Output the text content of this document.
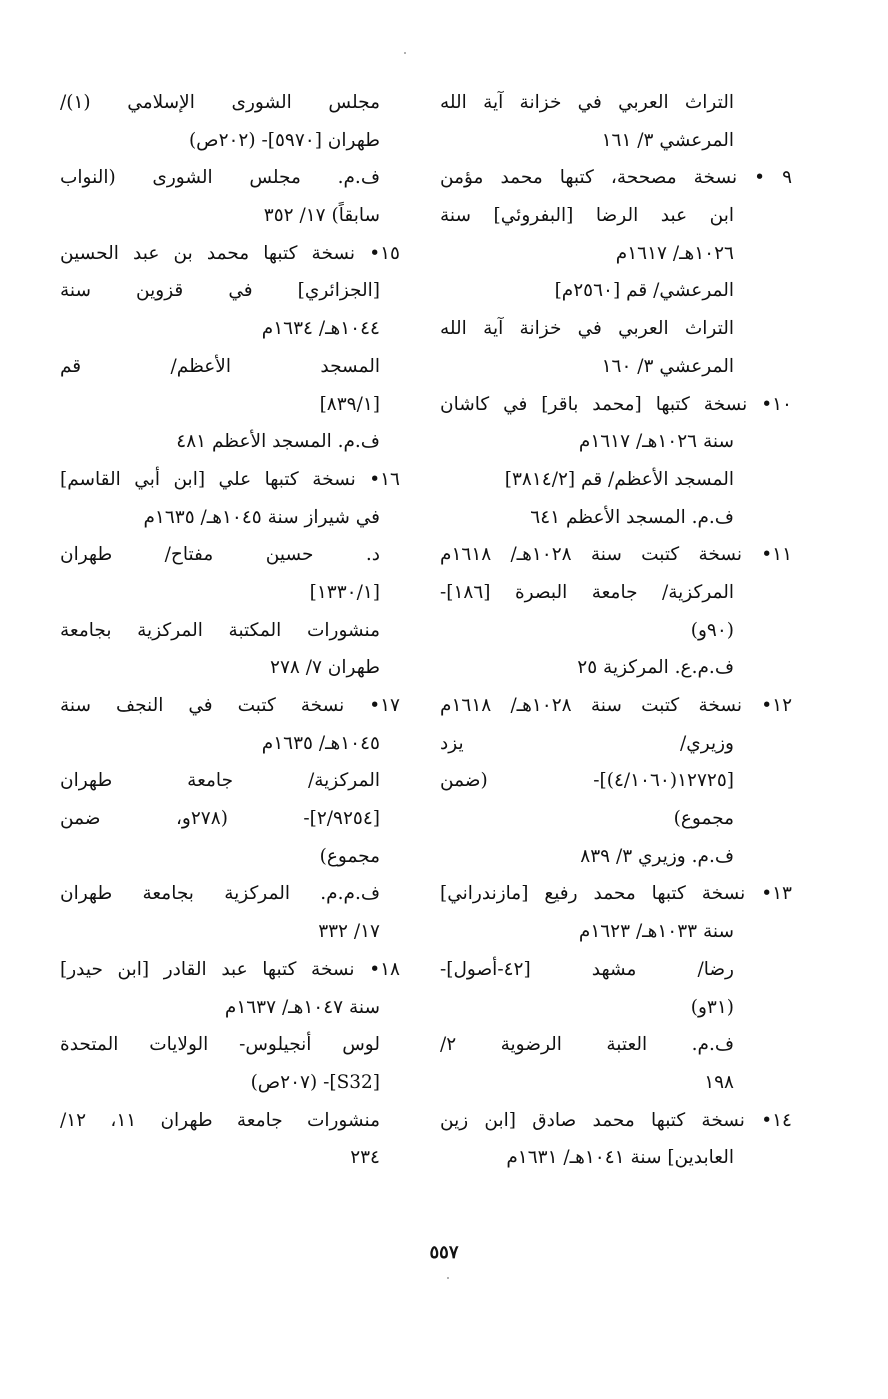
التراث العربي في خزانة آية الله
المرعشي ٣/ ١٦١
٩ • نسخة مصححة، كتبها محمد مؤمن
ابن عبد الرضا [البفروئي] سنة
١٠٢٦هـ/ ١٦١٧م
المرعشي/ قم [٢٥٦٠م]
التراث العربي في خزانة آية الله
المرعشي ٣/ ١٦٠
١٠• نسخة كتبها [محمد باقر] في كاشان
سنة ١٠٢٦هـ/ ١٦١٧م
المسجد الأعظم/ قم [٣٨١٤/٢]
ف.م. المسجد الأعظم ٦٤١
١١• نسخة كتبت سنة ١٠٢٨هـ/ ١٦١٨م
المركزية/ جامعة البصرة [١٨٦]-
(٩٠و)
ف.م.ع. المركزية ٢٥
١٢• نسخة كتبت سنة ١٠٢٨هـ/ ١٦١٨م
وزيري/ يزد
[١٢٧٢٥(٤/١٠٦٠)]- (ضمن
مجموع)
ف.م. وزيري ٣/ ٨٣٩
١٣• نسخة كتبها محمد رفيع [مازندراني]
سنة ١٠٣٣هـ/ ١٦٢٣م
رضا/ مشهد [٤٢-أصول]-
(٣١و)
ف.م. العتبة الرضوية ٢/
١٩٨
١٤• نسخة كتبها محمد صادق [ابن زين
العابدين] سنة ١٠٤١هـ/ ١٦٣١م
مجلس الشورى الإسلامي (١)/
طهران [٥٩٧٠]- (٢٠٢ص)
ف.م. مجلس الشورى (النواب
سابقاً) ١٧/ ٣٥٢
١٥• نسخة كتبها محمد بن عبد الحسين
[الجزائري] في قزوين سنة
١٠٤٤هـ/ ١٦٣٤م
المسجد الأعظم/ قم
[٨٣٩/١]
ف.م. المسجد الأعظم ٤٨١
١٦• نسخة كتبها علي [ابن أبي القاسم]
في شيراز سنة ١٠٤٥هـ/ ١٦٣٥م
د. حسين مفتاح/ طهران
[١٣٣٠/١]
منشورات المكتبة المركزية بجامعة
طهران ٧/ ٢٧٨
١٧• نسخة كتبت في النجف سنة
١٠٤٥هـ/ ١٦٣٥م
المركزية/ جامعة طهران
[٢/٩٢٥٤]- (٢٧٨و، ضمن
مجموع)
ف.م.م. المركزية بجامعة طهران
١٧/ ٣٣٢
١٨• نسخة كتبها عبد القادر [ابن حيدر]
سنة ١٠٤٧هـ/ ١٦٣٧م
لوس أنجيلوس- الولايات المتحدة
[S32]- (٢٠٧ص)
منشورات جامعة طهران ١١، ١٢/
٢٣٤
٥٥٧
